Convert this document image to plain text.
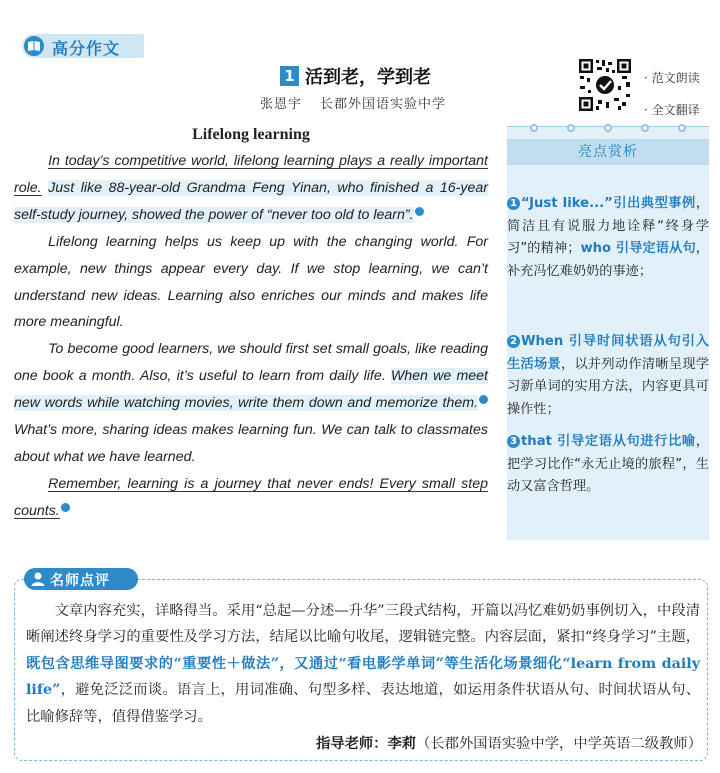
高分作文
1 活到老，学到老
张恩宇 长郡外国语实验中学
· 范文朗读
· 全文翻译
Lifelong learning

In today’s competitive world, lifelong learning plays a really important role. Just like 88-year-old Grandma Feng Yinan, who finished a 16-year self-study journey, showed the power of “never too old to learn”.	$^1$

Lifelong learning helps us keep up with the changing world. For example, new things appear every day. If we stop learning, we can’t understand new ideas. Learning also enriches our minds and makes life more meaningful.

To become good learners, we should first set small goals, like reading one book a month. Also, it’s useful to learn from daily life. When we meet new words while watching movies, write them down and memorize them. What’s more, sharing ideas makes learning fun. We can talk to classmates about what we have learned.

Remember, learning is a journey that never ends! Every small step counts.	$^3$

亮点赏析
1 “Just like...”引出典型事例，简洁且有说服力地诠释“终身学习”的精神；who 引导定语从句，补充冯忆难奶奶的事迹；
2 When 引导时间状语从句引入生活场景，以并列动作清晰呈现学习新单词的实用方法，内容更具可操作性；
3 that 引导定语从句进行比喻，把学习比作“永无止境的旅程”，生动又富含哲理。
名师点评

文章内容充实，详略得当。采用“总起—分述—升华”三段式结构，开篇以冯忆难奶奶事例切入，中段清晰阐述终身学习的重要性及学习方法，结尾以比喻句收尾，逻辑链完整。内容层面，紧扣“终身学习”主题，既包含思维导图要求的“重要性＋做法”，又通过“看电影学单词”等生活化场景细化“learn from daily life”，避免泛泛而谈。语言上，用词准确、句型多样、表达地道，如运用条件状语从句、时间状语从句、比喻修辞等，值得借鉴学习。

指导老师：李莉（长郡外国语实验中学，中学英语二级教师）
